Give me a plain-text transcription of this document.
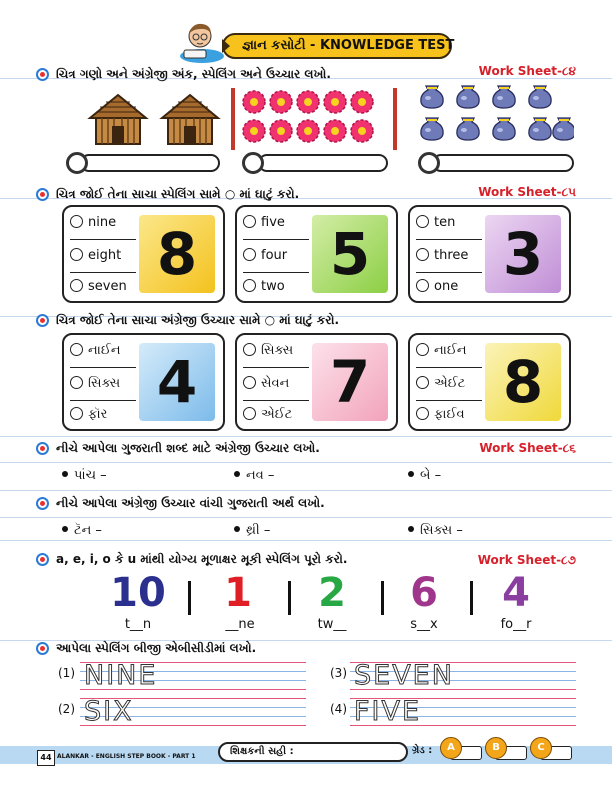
જ્ઞાન કસોટી - KNOWLEDGE TEST
ચિત્ર ગણો અને અંગ્રેજી અંક, સ્પેલિંગ અને ઉચ્ચાર લખો.	Work Sheet-૮૪
ચિત્ર જોઈ તેના સાચા સ્પેલિંગ સામે ○ માં ઘાટું કરો.	Work Sheet-૮૫
nine
eight
seven 8	five
four
two 5	ten
three
one 3
ચિત્ર જોઈ તેના સાચા અંગ્રેજી ઉચ્ચાર સામે ○ માં ઘાટું કરો.
નાઈન
સિક્સ
ફૉર 4	સિક્સ
સેવન
એઈટ 7	નાઈન
એઈટ
ફાઈવ 8
નીચે આપેલા ગુજરાતી શબ્દ માટે અંગ્રેજી ઉચ્ચાર લખો.	Work Sheet-૮૬
પાંચ –	નવ –	બે –
નીચે આપેલા અંગ્રેજી ઉચ્ચાર વાંચી ગુજરાતી અર્થ લખો.
ટૅન –	થ્રી –	સિક્સ –
a, e, i, o કે u માંથી યોગ્ય મૂળાક્ષર મૂકી સ્પેલિંગ પૂરો કરો.	Work Sheet-૮૭
10
t__n
1
__ne
2
tw__
6
s__x
4
fo__r
આપેલા સ્પેલિંગ બીજી એબીસીડીમાં લખો.
(1) NINE
(2) SIX
(3) SEVEN
(4) FIVE
44 ALANKAR - ENGLISH STEP BOOK - PART 1	શિક્ષકની સહી :	ગ્રેડ :	A	B	C
